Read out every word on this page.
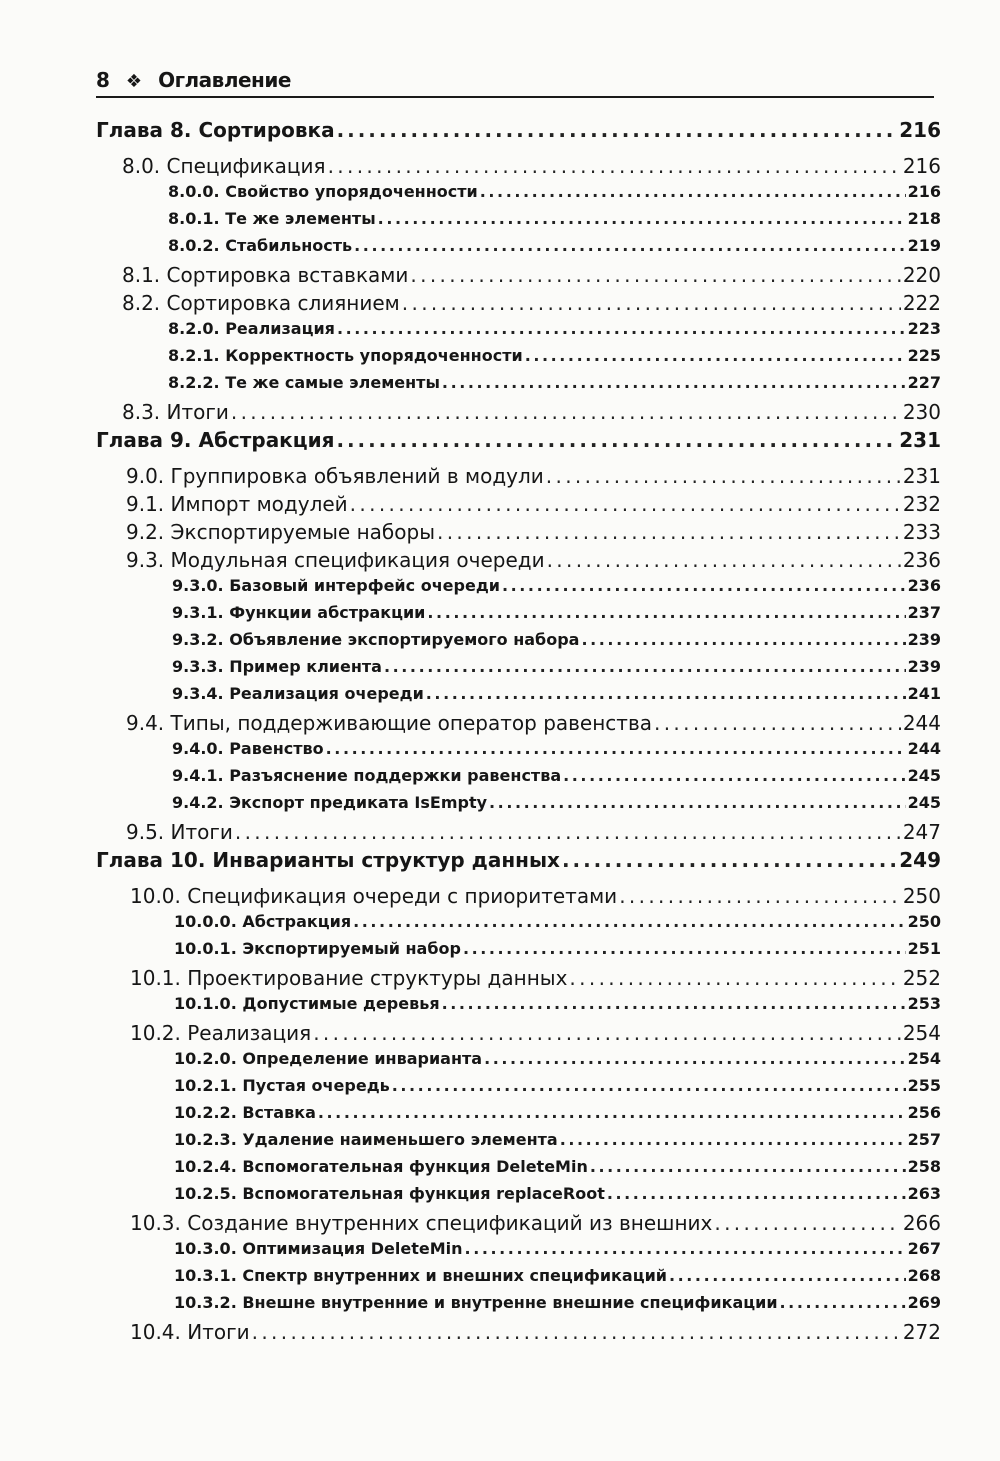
8 ❖ Оглавление
Глава 8. Сортировка . . .	216
8.0. Спецификация . . .	216
8.0.0. Свойство упорядоченности . . .	216
8.0.1. Те же элементы . . .	218
8.0.2. Стабильность . . .	219
8.1. Сортировка вставками . . .	220
8.2. Сортировка слиянием . . .	222
8.2.0. Реализация . . .	223
8.2.1. Корректность упорядоченности . . .	225
8.2.2. Те же самые элементы . . .	227
8.3. Итоги . . .	230
Глава 9. Абстракция . . .	231
9.0. Группировка объявлений в модули . . .	231
9.1. Импорт модулей . . .	232
9.2. Экспортируемые наборы . . .	233
9.3. Модульная спецификация очереди . . .	236
9.3.0. Базовый интерфейс очереди . . .	236
9.3.1. Функции абстракции . . .	237
9.3.2. Объявление экспортируемого набора . . .	239
9.3.3. Пример клиента . . .	239
9.3.4. Реализация очереди . . .	241
9.4. Типы, поддерживающие оператор равенства . . .	244
9.4.0. Равенство . . .	244
9.4.1. Разъяснение поддержки равенства . . .	245
9.4.2. Экспорт предиката IsEmpty . . .	245
9.5. Итоги . . .	247
Глава 10. Инварианты структур данных . . .	249
10.0. Спецификация очереди с приоритетами . . .	250
10.0.0. Абстракция . . .	250
10.0.1. Экспортируемый набор . . .	251
10.1. Проектирование структуры данных . . .	252
10.1.0. Допустимые деревья . . .	253
10.2. Реализация . . .	254
10.2.0. Определение инварианта . . .	254
10.2.1. Пустая очередь . . .	255
10.2.2. Вставка . . .	256
10.2.3. Удаление наименьшего элемента . . .	257
10.2.4. Вспомогательная функция DeleteMin . . .	258
10.2.5. Вспомогательная функция replaceRoot . . .	263
10.3. Создание внутренних спецификаций из внешних . . .	266
10.3.0. Оптимизация DeleteMin . . .	267
10.3.1. Спектр внутренних и внешних спецификаций . . .	268
10.3.2. Внешне внутренние и внутренне внешние спецификации . . .	269
10.4. Итоги . . .	272
